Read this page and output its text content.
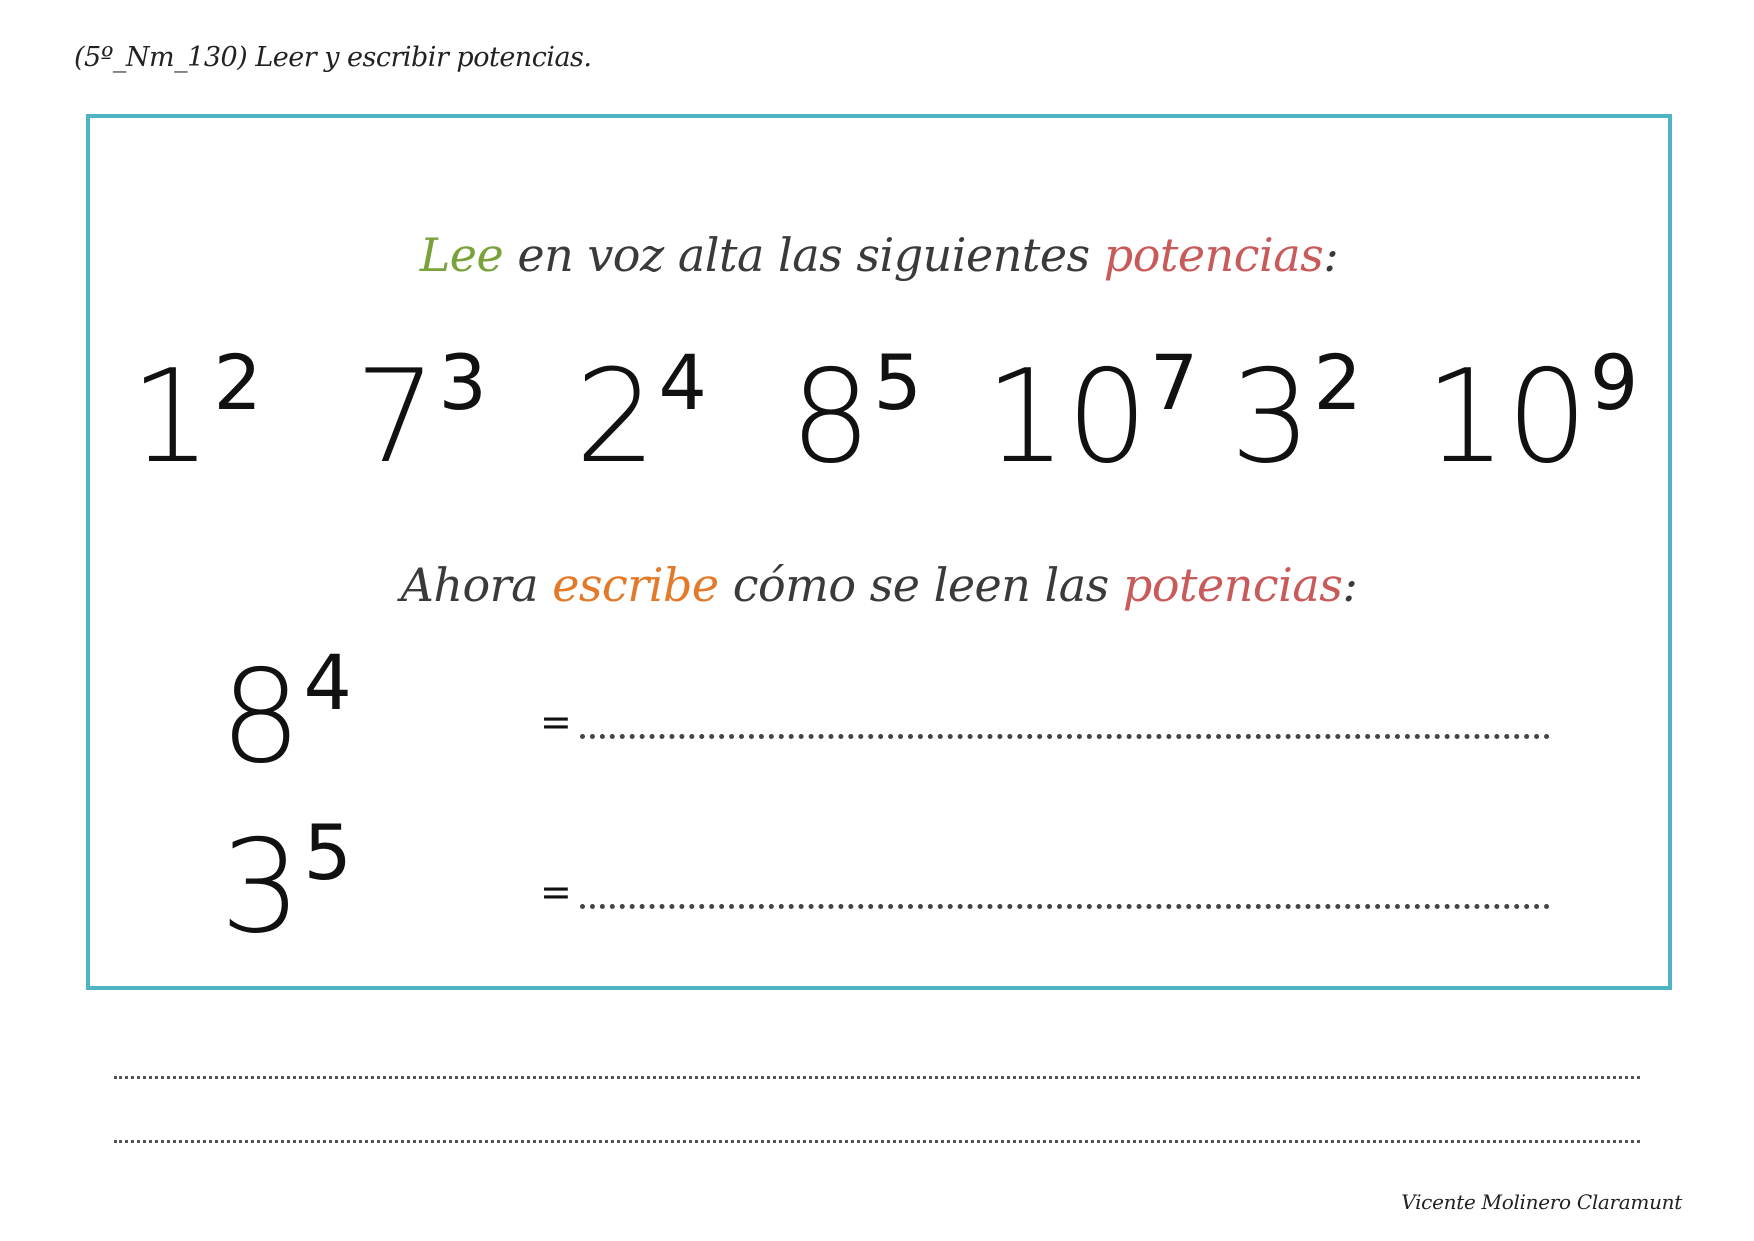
(5º_Nm_130) Leer y escribir potencias.
Lee en voz alta las siguientes potencias:
12 73 24 85 107 32 109
Ahora escribe cómo se leen las potencias:
84	=
35	=
Vicente Molinero Claramunt
